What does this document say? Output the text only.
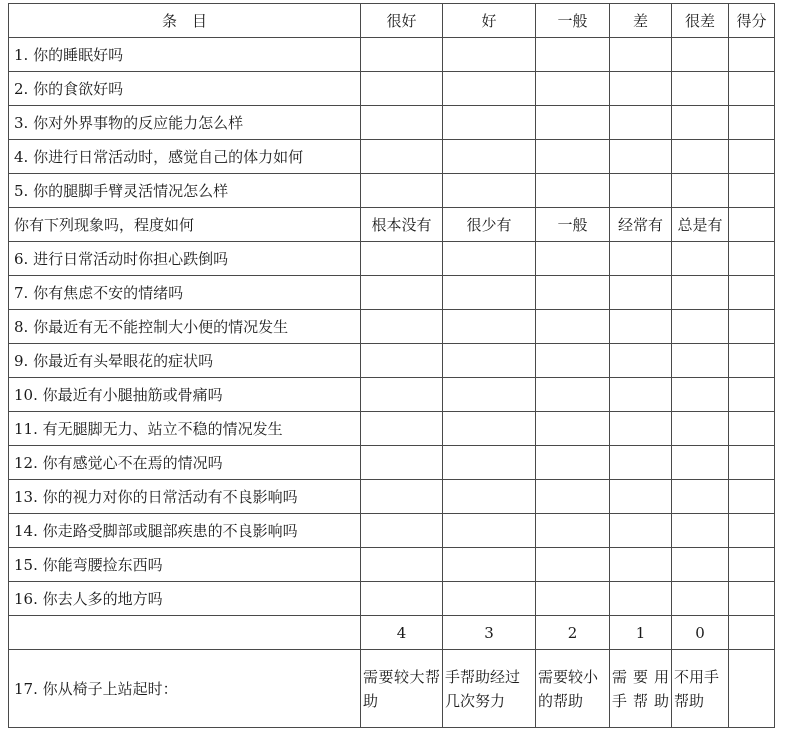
条　目	很好	好	一般	差	很差	得分
1. 你的睡眠好吗						
2. 你的食欲好吗						
3. 你对外界事物的反应能力怎么样						
4. 你进行日常活动时，感觉自己的体力如何						
5. 你的腿脚手臂灵活情况怎么样						
你有下列现象吗，程度如何	根本没有	很少有	一般	经常有	总是有	
6. 进行日常活动时你担心跌倒吗						
7. 你有焦虑不安的情绪吗						
8. 你最近有无不能控制大小便的情况发生						
9. 你最近有头晕眼花的症状吗						
10. 你最近有小腿抽筋或骨痛吗						
11. 有无腿脚无力、站立不稳的情况发生						
12. 你有感觉心不在焉的情况吗						
13. 你的视力对你的日常活动有不良影响吗						
14. 你走路受脚部或腿部疾患的不良影响吗						
15. 你能弯腰捡东西吗						
16. 你去人多的地方吗						
	4	3	2	1	0	
17. 你从椅子上站起时：	需要较大帮助	手帮助经过几次努力	需要较小的帮助	需要用手帮助	不用手帮助	
